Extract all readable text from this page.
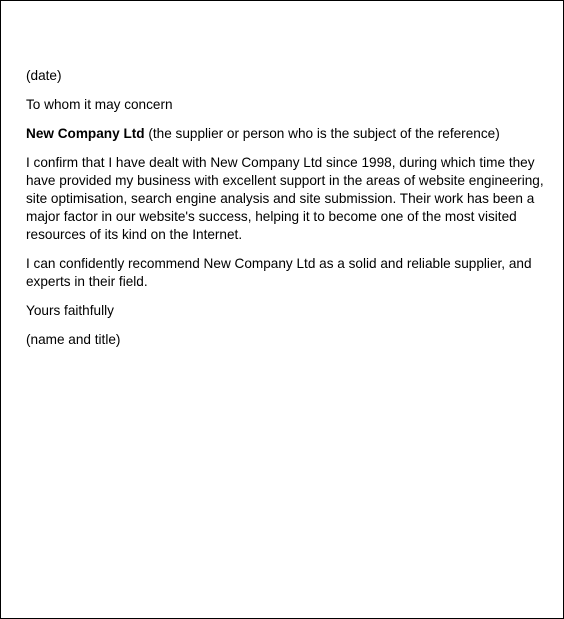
(date)

To whom it may concern

New Company Ltd (the supplier or person who is the subject of the reference)

I confirm that I have dealt with New Company Ltd since 1998, during which time they
have provided my business with excellent support in the areas of website engineering,
site optimisation, search engine analysis and site submission. Their work has been a
major factor in our website's success, helping it to become one of the most visited
resources of its kind on the Internet.

I can confidently recommend New Company Ltd as a solid and reliable supplier, and
experts in their field.

Yours faithfully

(name and title)
